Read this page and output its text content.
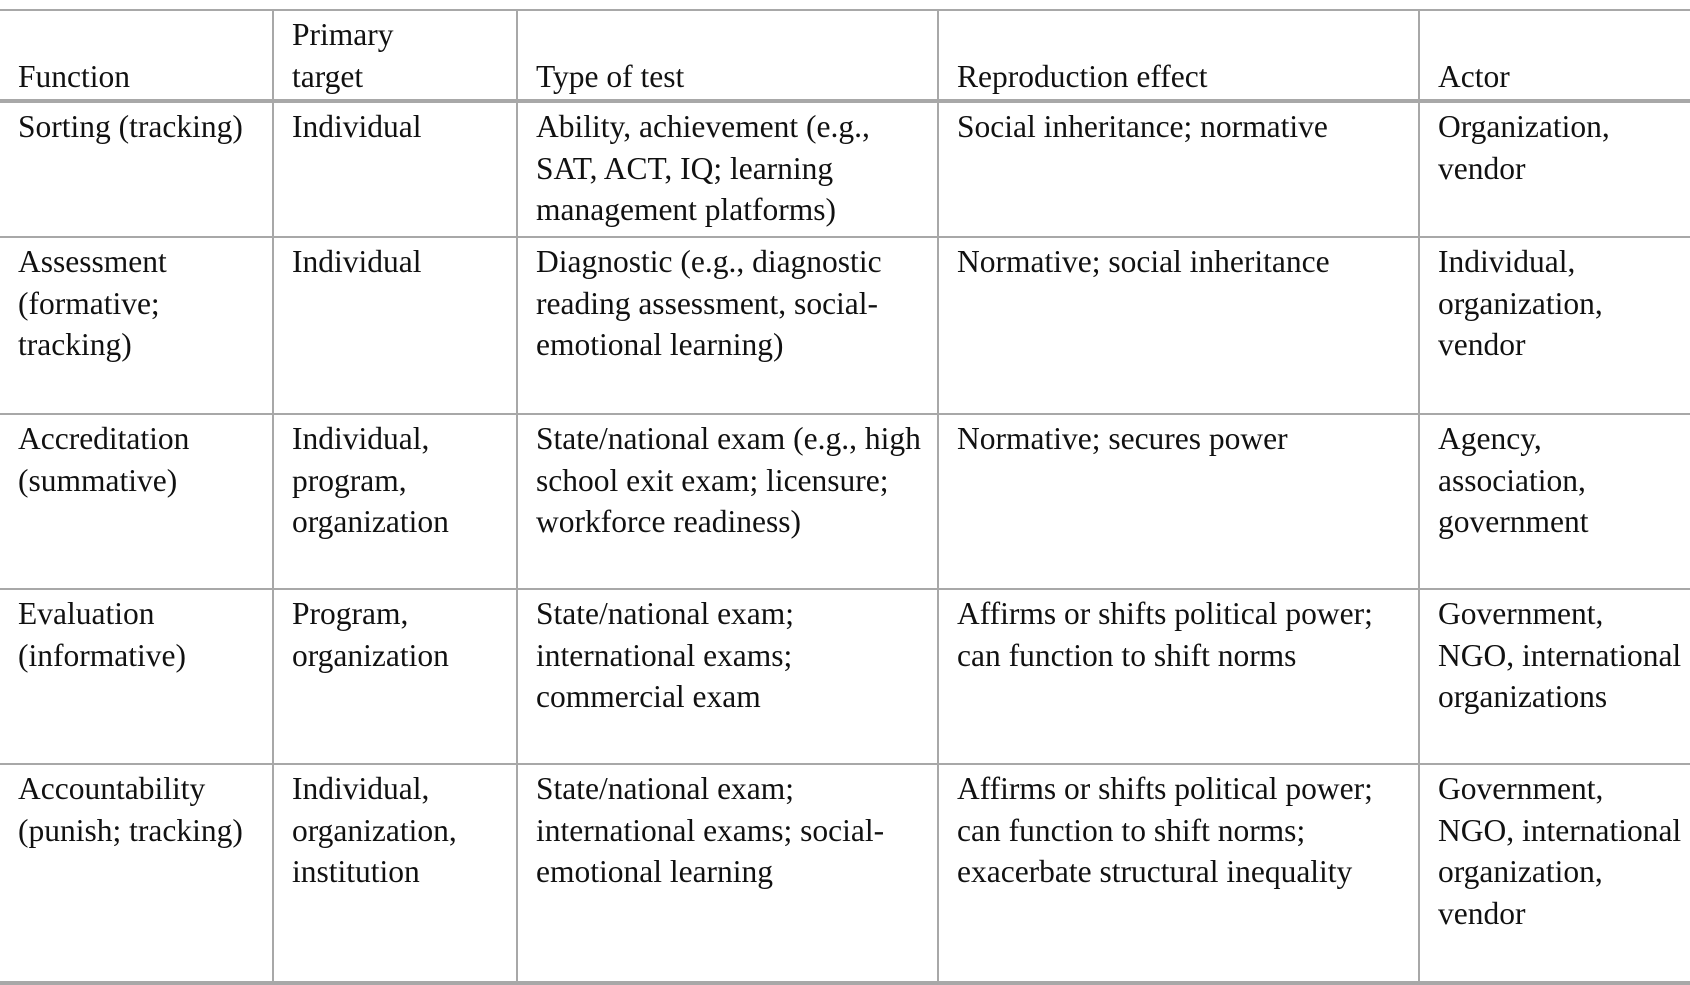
Function	Primary target	Type of test	Reproduction effect	Actor
Sorting (tracking)	Individual	Ability, achievement (e.g., SAT, ACT, IQ; learning management platforms)	Social inheritance; normative	Organization, vendor
Assessment (formative; tracking)	Individual	Diagnostic (e.g., diagnostic reading assessment, social-emotional learning)	Normative; social inheritance	Individual, organization, vendor
Accreditation (summative)	Individual, program, organization	State/national exam (e.g., high school exit exam; licensure; workforce readiness)	Normative; secures power	Agency, association, government
Evaluation (informative)	Program, organization	State/national exam; international exams; commercial exam	Affirms or shifts political power; can function to shift norms	Government, NGO, international organizations
Accountability (punish; tracking)	Individual, organization, institution	State/national exam; international exams; social-emotional learning	Affirms or shifts political power; can function to shift norms; exacerbate structural inequality	Government, NGO, international organization, vendor
